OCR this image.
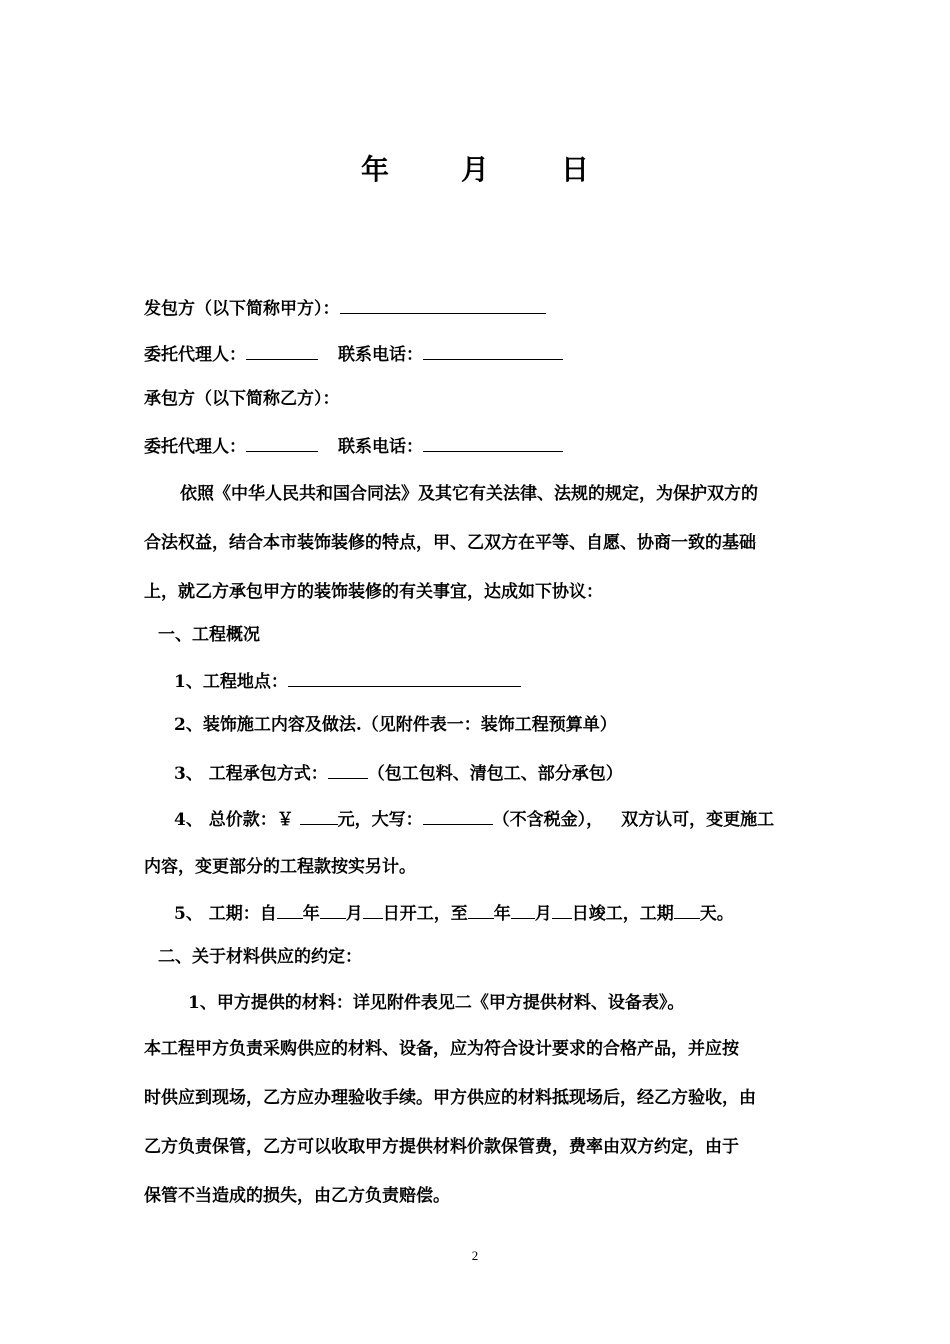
年	月	日
发包方（以下简称甲方）：
委托代理人：	联系电话：
承包方（以下简称乙方）：
委托代理人：	联系电话：
依照《中华人民共和国合同法》及其它有关法律、法规的规定，为保护双方的
合法权益，结合本市装饰装修的特点，甲、乙双方在平等、自愿、协商一致的基础
上，就乙方承包甲方的装饰装修的有关事宜，达成如下协议：
一、工程概况
1、工程地点：
2、装饰施工内容及做法.（见附件表一：装饰工程预算单）
3、 工程承包方式： （包工包料、清包工、部分承包）
4、 总价款：￥ 元，大写：	（不含税金）， 双方认可，变更施工
内容，变更部分的工程款按实另计。
5、 工期：自 年 月 日开工，至 年 月 日竣工，工期 天。
二、关于材料供应的约定：
1、甲方提供的材料：详见附件表见二《甲方提供材料、设备表》。
本工程甲方负责采购供应的材料、设备，应为符合设计要求的合格产品，并应按
时供应到现场，乙方应办理验收手续。甲方供应的材料抵现场后，经乙方验收，由
乙方负责保管，乙方可以收取甲方提供材料价款保管费，费率由双方约定，由于
保管不当造成的损失，由乙方负责赔偿。
2
